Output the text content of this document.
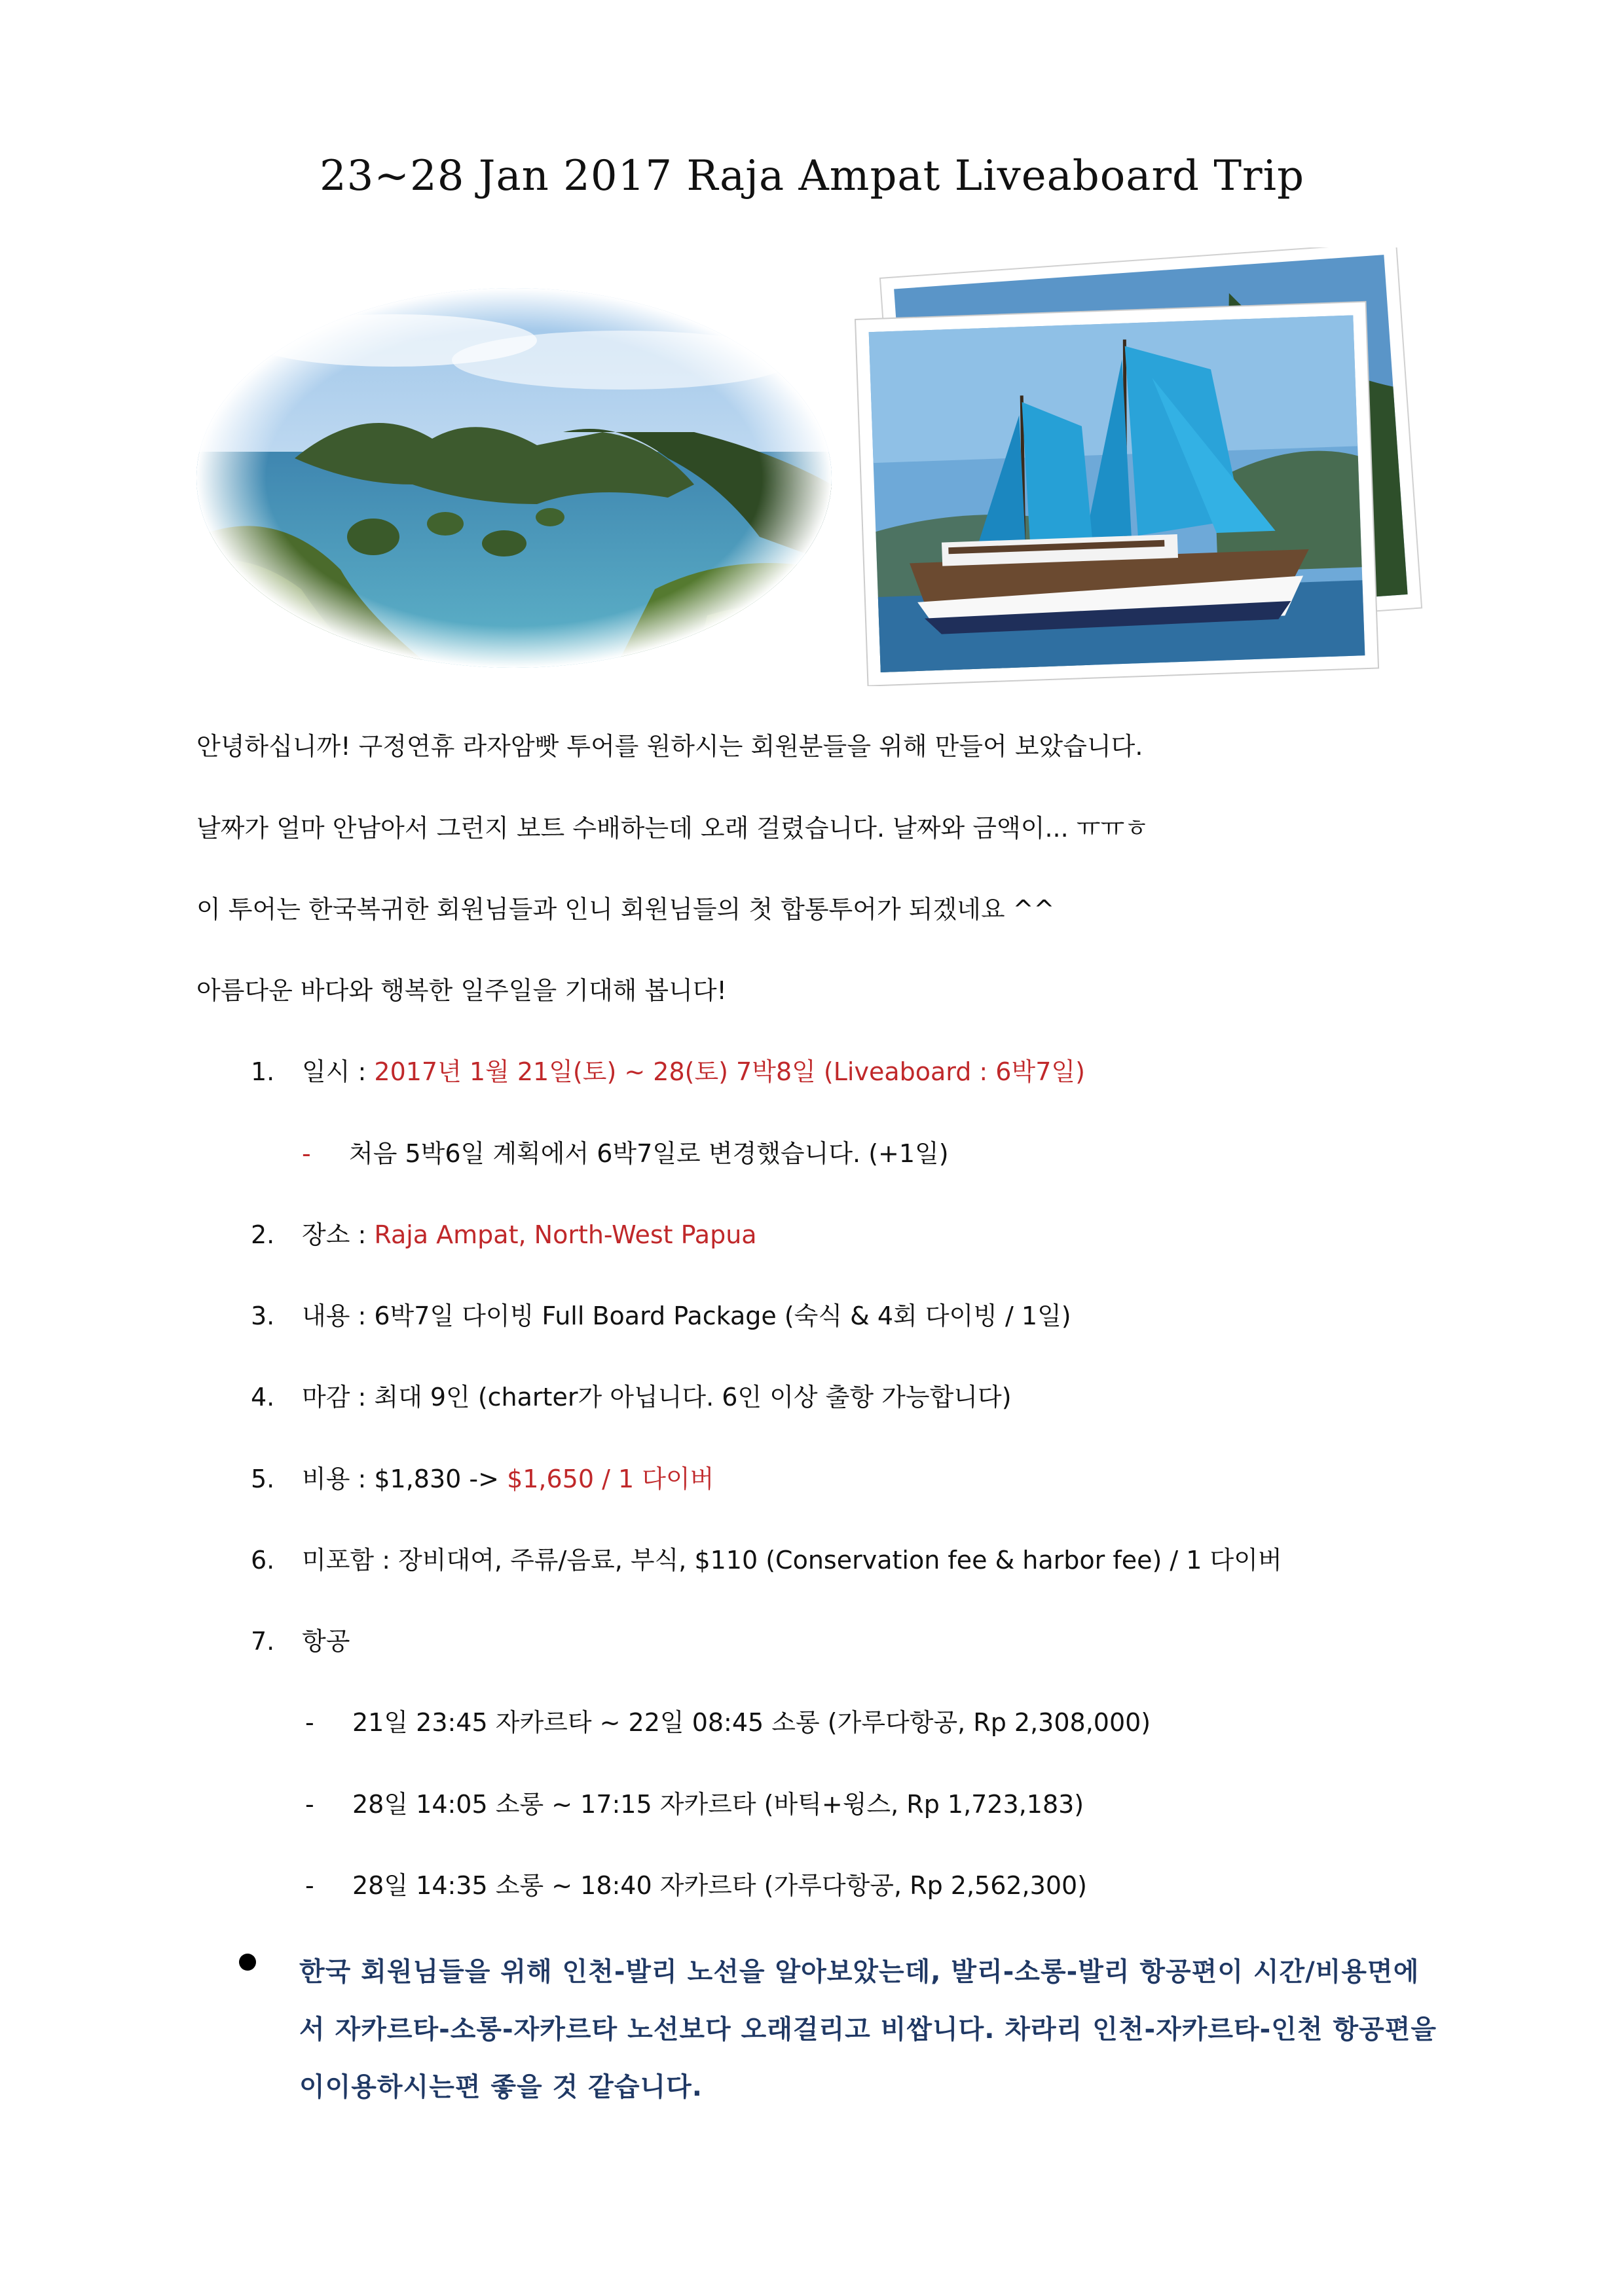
23~28 Jan 2017 Raja Ampat Liveaboard Trip
안녕하십니까! 구정연휴 라자암빳 투어를 원하시는 회원분들을 위해 만들어 보았습니다.
날짜가 얼마 안남아서 그런지 보트 수배하는데 오래 걸렸습니다. 날짜와 금액이... ㅠㅠㅎ
이 투어는 한국복귀한 회원님들과 인니 회원님들의 첫 합통투어가 되겠네요 ^^
아름다운 바다와 행복한 일주일을 기대해 봅니다!
1. 일시 : 2017년 1월 21일(토) ~ 28(토) 7박8일 (Liveaboard : 6박7일)
- 처음 5박6일 계획에서 6박7일로 변경했습니다. (+1일)
2. 장소 : Raja Ampat, North-West Papua
3. 내용 : 6박7일 다이빙 Full Board Package (숙식 & 4회 다이빙 / 1일)
4. 마감 : 최대 9인 (charter가 아닙니다. 6인 이상 출항 가능합니다)
5. 비용 : $1,830 -> $1,650 / 1 다이버
6. 미포함 : 장비대여, 주류/음료, 부식, $110 (Conservation fee & harbor fee) / 1 다이버
7. 항공
- 21일 23:45 자카르타 ~ 22일 08:45 소롱 (가루다항공, Rp 2,308,000)
- 28일 14:05 소롱 ~ 17:15 자카르타 (바틱+윙스, Rp 1,723,183)
- 28일 14:35 소롱 ~ 18:40 자카르타 (가루다항공, Rp 2,562,300)
한국 회원님들을 위해 인천-발리 노선을 알아보았는데, 발리-소롱-발리 항공편이 시간/비용면에서 자카르타-소롱-자카르타 노선보다 오래걸리고 비쌉니다. 차라리 인천-자카르타-인천 항공편을 이이용하시는편 좋을 것 같습니다.
